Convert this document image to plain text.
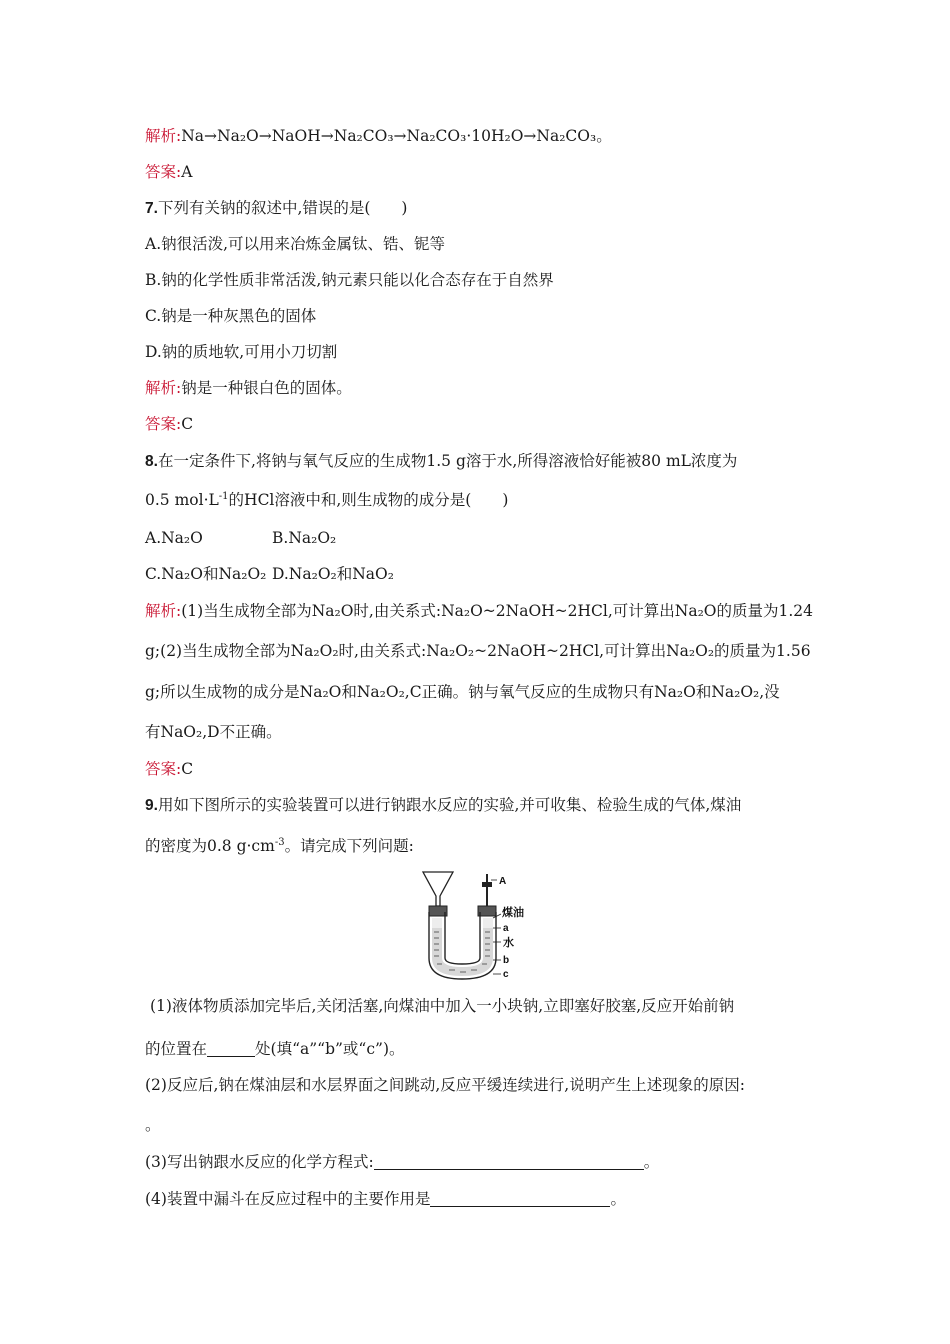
解析:Na→Na₂O→NaOH→Na₂CO₃→Na₂CO₃·10H₂O→Na₂CO₃。
答案:A
7.下列有关钠的叙述中,错误的是(　　)
A.钠很活泼,可以用来冶炼金属钛、锆、铌等
B.钠的化学性质非常活泼,钠元素只能以化合态存在于自然界
C.钠是一种灰黑色的固体
D.钠的质地软,可用小刀切割
解析:钠是一种银白色的固体。
答案:C
8.在一定条件下,将钠与氧气反应的生成物1.5 g溶于水,所得溶液恰好能被80 mL浓度为
0.5 $mol\cdot L^{-1}$的HCl溶液中和,则生成物的成分是(　　)
A.Na₂O	B.Na₂O₂
C.Na₂O和Na₂O₂ D.Na₂O₂和NaO₂
解析:(1)当生成物全部为Na₂O时,由关系式:Na₂O~2NaOH~2HCl,可计算出Na₂O的质量为1.24
g;(2)当生成物全部为Na₂O₂时,由关系式:Na₂O₂~2NaOH~2HCl,可计算出Na₂O₂的质量为1.56
g;所以生成物的成分是Na₂O和Na₂O₂,C正确。钠与氧气反应的生成物只有Na₂O和Na₂O₂,没
有NaO₂,D不正确。
答案:C
9.用如下图所示的实验装置可以进行钠跟水反应的实验,并可收集、检验生成的气体,煤油
的密度为0.8 $g\cdot cm^{-3}$。请完成下列问题:
A
煤油
a
水
b
c
(1)液体物质添加完毕后,关闭活塞,向煤油中加入一小块钠,立即塞好胶塞,反应开始前钠
的位置在	处(填“a”“b”或“c”)。
(2)反应后,钠在煤油层和水层界面之间跳动,反应平缓连续进行,说明产生上述现象的原因:
。
(3)写出钠跟水反应的化学方程式:	。
(4)装置中漏斗在反应过程中的主要作用是	。
